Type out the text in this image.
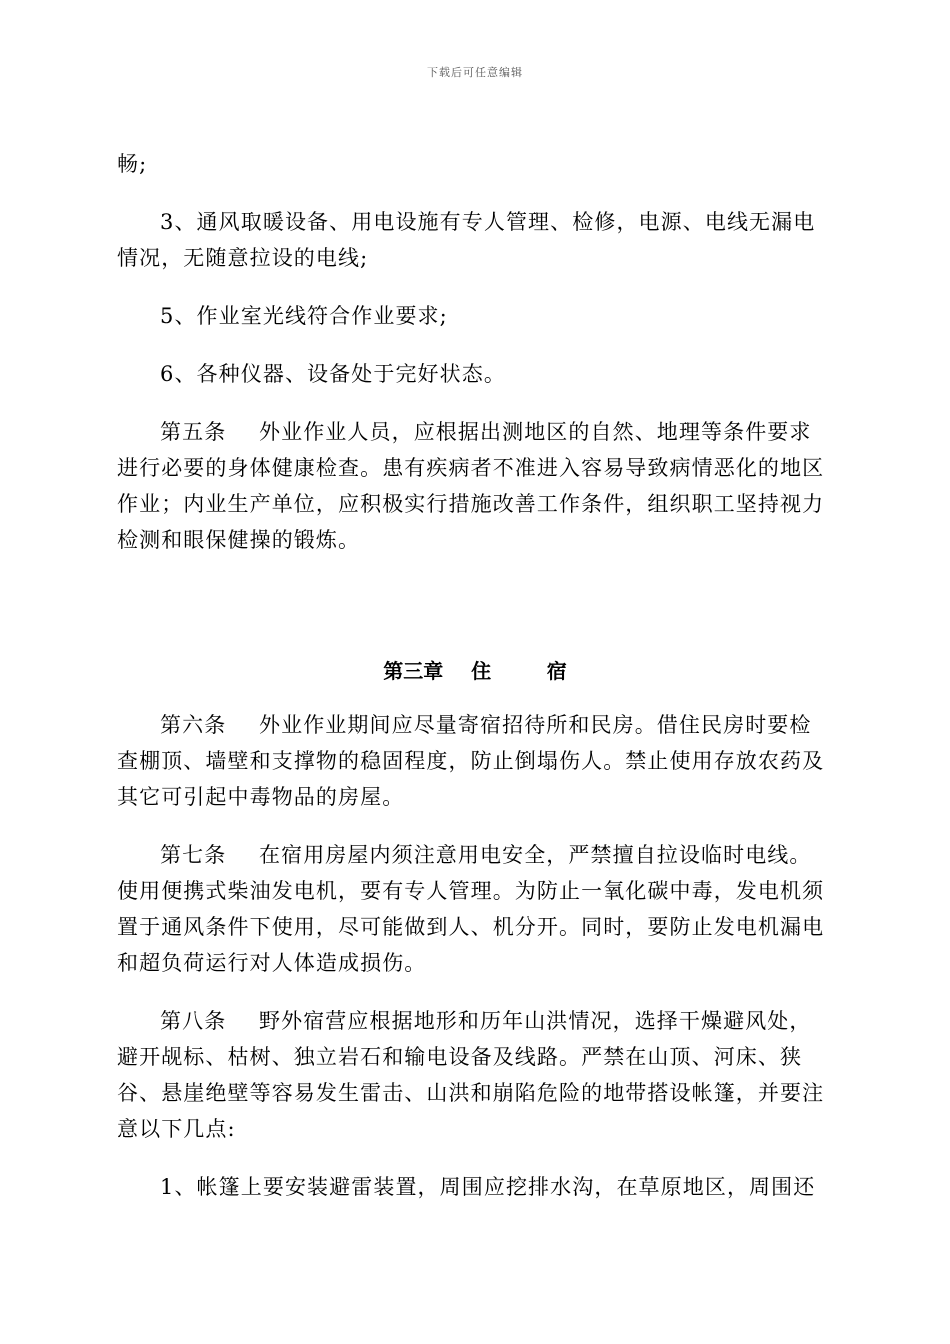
下载后可任意编辑
畅;
3、通风取暖设备、用电设施有专人管理、检修，电源、电线无漏电
情况，无随意拉设的电线;
5、作业室光线符合作业要求;
6、各种仪器、设备处于完好状态。
第五条 外业作业人员，应根据出测地区的自然、地理等条件要求
进行必要的身体健康检查。患有疾病者不准进入容易导致病情恶化的地区
作业；内业生产单位，应积极实行措施改善工作条件，组织职工坚持视力
检测和眼保健操的锻炼。
第三章    住        宿
第六条 外业作业期间应尽量寄宿招待所和民房。借住民房时要检
查棚顶、墙壁和支撑物的稳固程度，防止倒塌伤人。禁止使用存放农药及
其它可引起中毒物品的房屋。
第七条 在宿用房屋内须注意用电安全，严禁擅自拉设临时电线。
使用便携式柴油发电机，要有专人管理。为防止一氧化碳中毒，发电机须
置于通风条件下使用，尽可能做到人、机分开。同时，要防止发电机漏电
和超负荷运行对人体造成损伤。
第八条 野外宿营应根据地形和历年山洪情况，选择干燥避风处，
避开觇标、枯树、独立岩石和输电设备及线路。严禁在山顶、河床、狭
谷、悬崖绝壁等容易发生雷击、山洪和崩陷危险的地带搭设帐篷，并要注
意以下几点:
1、帐篷上要安装避雷装置，周围应挖排水沟，在草原地区，周围还
